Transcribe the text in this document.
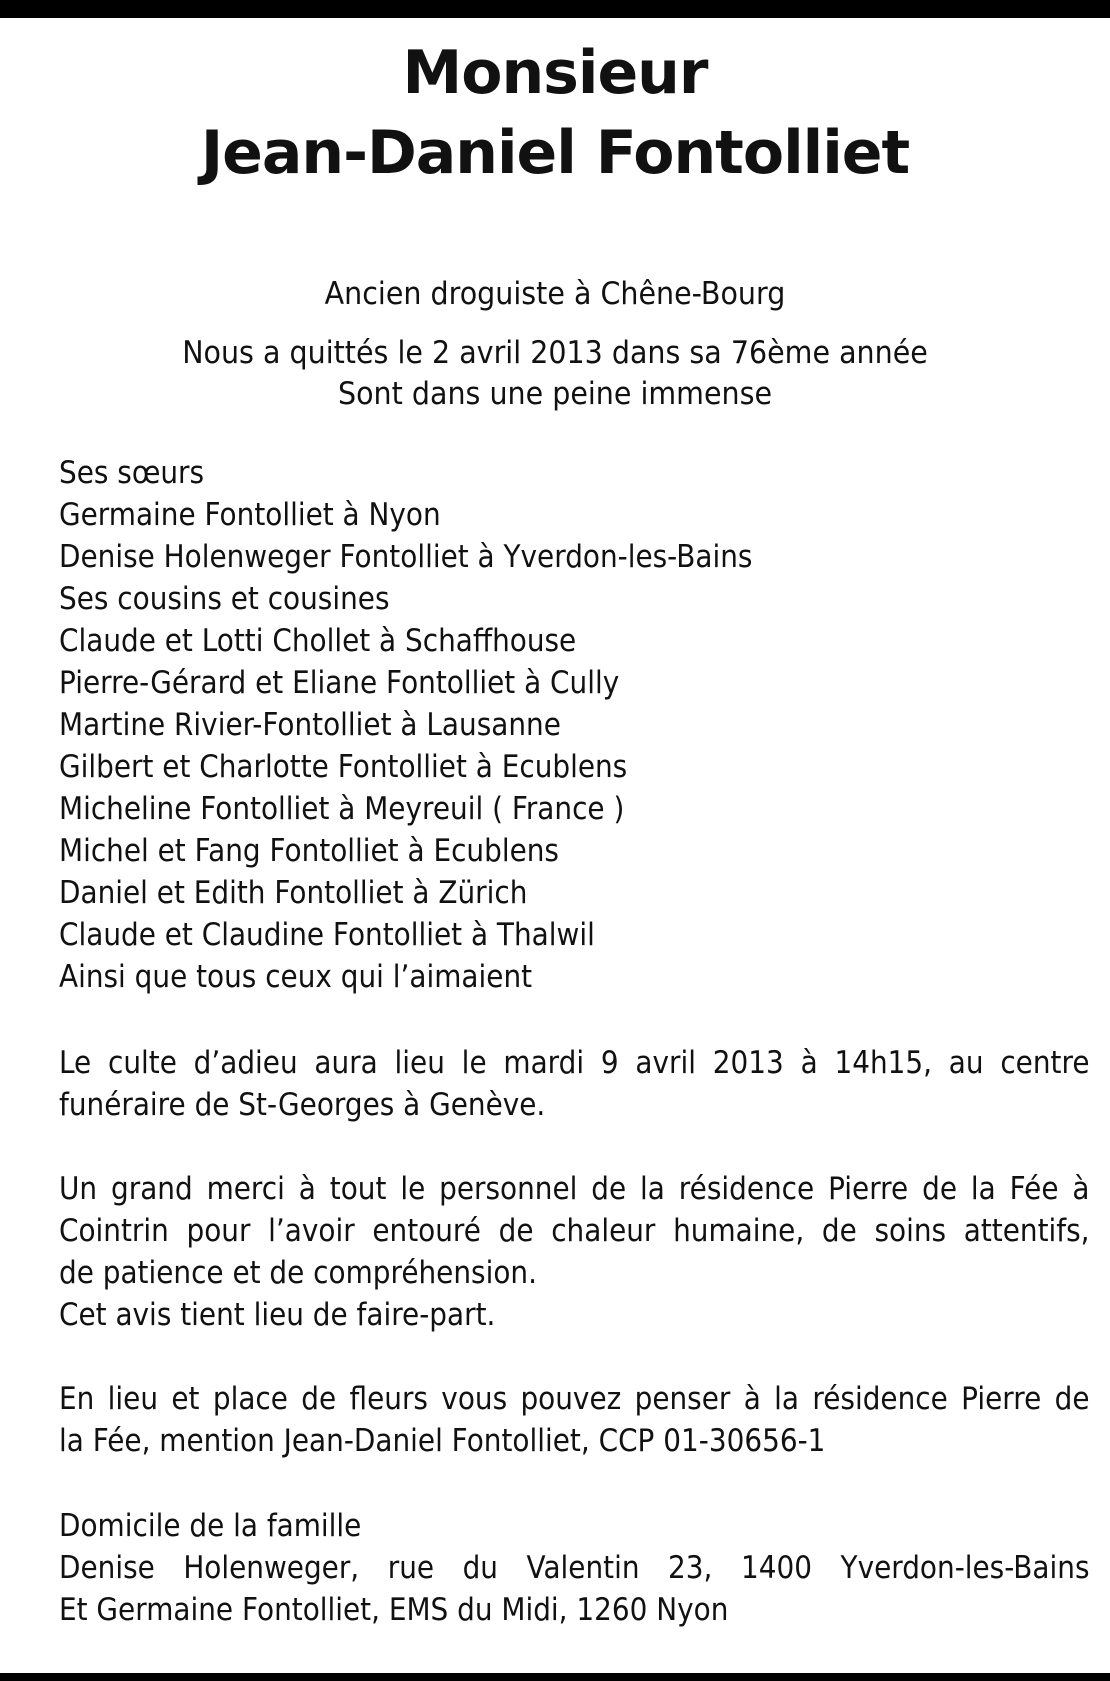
Monsieur
Jean-Daniel Fontolliet
Ancien droguiste à Chêne-Bourg
Nous a quittés le 2 avril 2013 dans sa 76ème année
Sont dans une peine immense
Ses sœurs
Germaine Fontolliet à Nyon
Denise Holenweger Fontolliet à Yverdon-les-Bains
Ses cousins et cousines
Claude et Lotti Chollet à Schaffhouse
Pierre-Gérard et Eliane Fontolliet à Cully
Martine Rivier-Fontolliet à Lausanne
Gilbert et Charlotte Fontolliet à Ecublens
Micheline Fontolliet à Meyreuil ( France )
Michel et Fang Fontolliet à Ecublens
Daniel et Edith Fontolliet à Zürich
Claude et Claudine Fontolliet à Thalwil
Ainsi que tous ceux qui l’aimaient
Le culte d’adieu aura lieu le mardi 9 avril 2013 à 14h15, au centre
funéraire de St-Georges à Genève.
Un grand merci à tout le personnel de la résidence Pierre de la Fée à
Cointrin pour l’avoir entouré de chaleur humaine, de soins attentifs,
de patience et de compréhension.
Cet avis tient lieu de faire-part.
En lieu et place de fleurs vous pouvez penser à la résidence Pierre de
la Fée, mention Jean-Daniel Fontolliet, CCP 01-30656-1
Domicile de la famille
Denise Holenweger, rue du Valentin 23, 1400 Yverdon-les-Bains
Et Germaine Fontolliet, EMS du Midi, 1260 Nyon
